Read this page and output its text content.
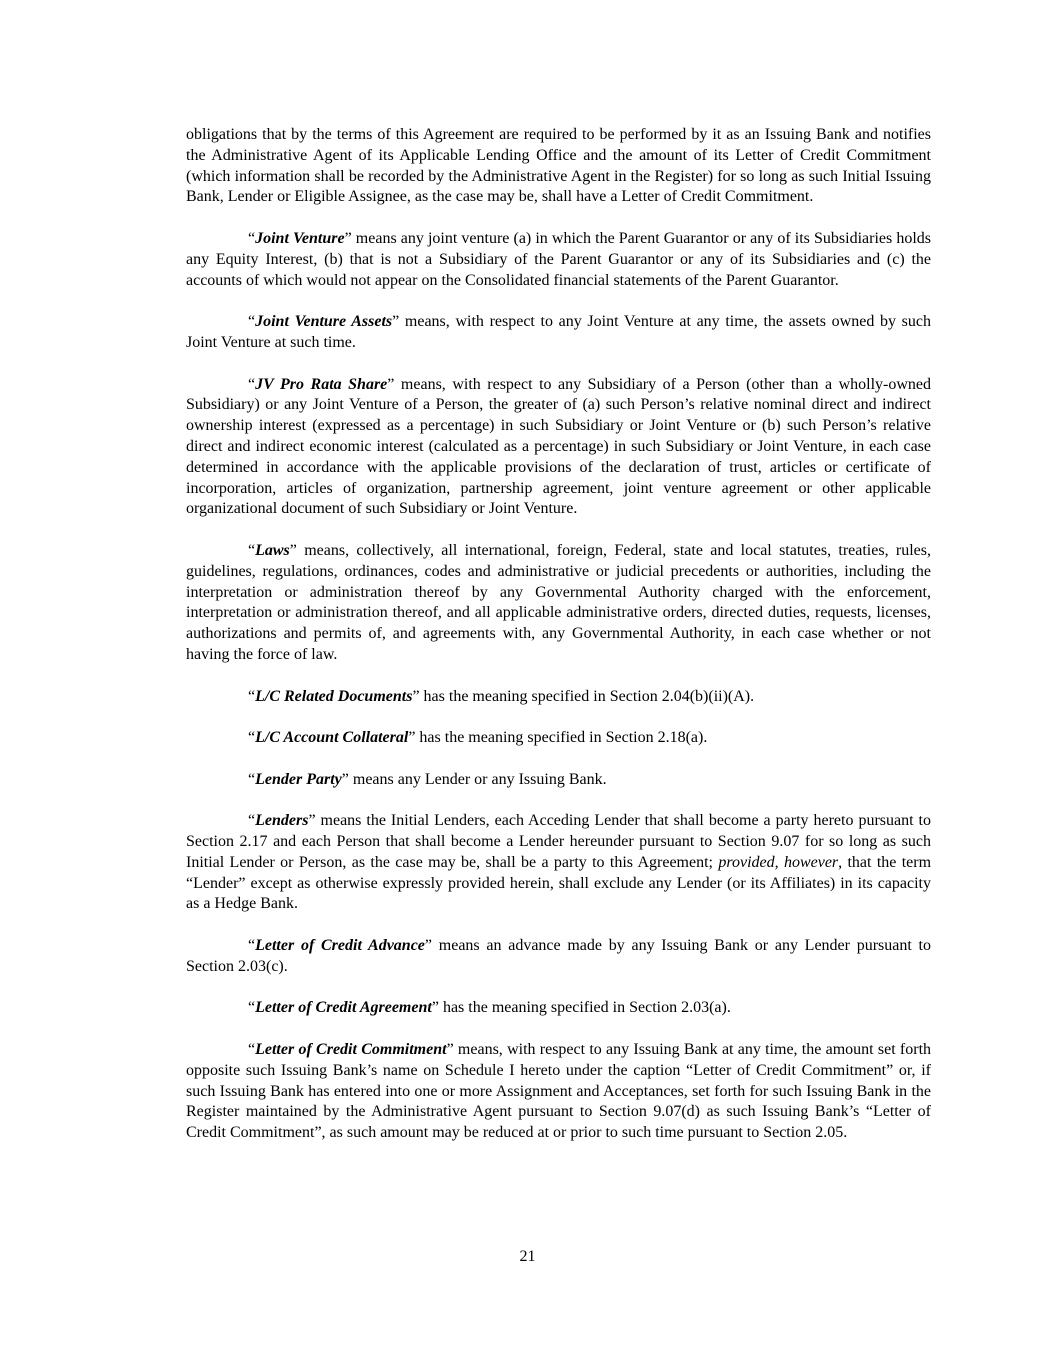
obligations that by the terms of this Agreement are required to be performed by it as an Issuing Bank and notifies the Administrative Agent of its Applicable Lending Office and the amount of its Letter of Credit Commitment (which information shall be recorded by the Administrative Agent in the Register) for so long as such Initial Issuing Bank, Lender or Eligible Assignee, as the case may be, shall have a Letter of Credit Commitment.

“Joint Venture” means any joint venture (a) in which the Parent Guarantor or any of its Subsidiaries holds any Equity Interest, (b) that is not a Subsidiary of the Parent Guarantor or any of its Subsidiaries and (c) the accounts of which would not appear on the Consolidated financial statements of the Parent Guarantor.

“Joint Venture Assets” means, with respect to any Joint Venture at any time, the assets owned by such Joint Venture at such time.

“JV Pro Rata Share” means, with respect to any Subsidiary of a Person (other than a wholly-owned Subsidiary) or any Joint Venture of a Person, the greater of (a) such Person’s relative nominal direct and indirect ownership interest (expressed as a percentage) in such Subsidiary or Joint Venture or (b) such Person’s relative direct and indirect economic interest (calculated as a percentage) in such Subsidiary or Joint Venture, in each case determined in accordance with the applicable provisions of the declaration of trust, articles or certificate of incorporation, articles of organization, partnership agreement, joint venture agreement or other applicable organizational document of such Subsidiary or Joint Venture.

“Laws” means, collectively, all international, foreign, Federal, state and local statutes, treaties, rules, guidelines, regulations, ordinances, codes and administrative or judicial precedents or authorities, including the interpretation or administration thereof by any Governmental Authority charged with the enforcement, interpretation or administration thereof, and all applicable administrative orders, directed duties, requests, licenses, authorizations and permits of, and agreements with, any Governmental Authority, in each case whether or not having the force of law.

“L/C Related Documents” has the meaning specified in Section 2.04(b)(ii)(A).

“L/C Account Collateral” has the meaning specified in Section 2.18(a).

“Lender Party” means any Lender or any Issuing Bank.

“Lenders” means the Initial Lenders, each Acceding Lender that shall become a party hereto pursuant to Section 2.17 and each Person that shall become a Lender hereunder pursuant to Section 9.07 for so long as such Initial Lender or Person, as the case may be, shall be a party to this Agreement; provided, however, that the term “Lender” except as otherwise expressly provided herein, shall exclude any Lender (or its Affiliates) in its capacity as a Hedge Bank.

“Letter of Credit Advance” means an advance made by any Issuing Bank or any Lender pursuant to Section 2.03(c).

“Letter of Credit Agreement” has the meaning specified in Section 2.03(a).

“Letter of Credit Commitment” means, with respect to any Issuing Bank at any time, the amount set forth opposite such Issuing Bank’s name on Schedule I hereto under the caption “Letter of Credit Commitment” or, if such Issuing Bank has entered into one or more Assignment and Acceptances, set forth for such Issuing Bank in the Register maintained by the Administrative Agent pursuant to Section 9.07(d) as such Issuing Bank’s “Letter of Credit Commitment”, as such amount may be reduced at or prior to such time pursuant to Section 2.05.

21
